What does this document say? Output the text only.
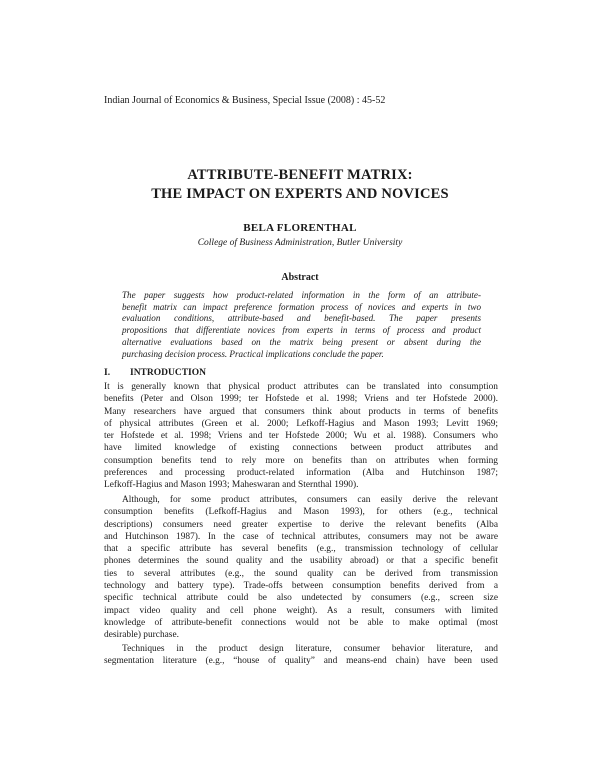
Indian Journal of Economics & Business, Special Issue (2008) : 45-52
ATTRIBUTE-BENEFIT MATRIX:
THE IMPACT ON EXPERTS AND NOVICES
BELA FLORENTHAL
College of Business Administration, Butler University
Abstract
The paper suggests how product-related information in the form of an attribute-
benefit matrix can impact preference formation process of novices and experts in two
evaluation conditions, attribute-based and benefit-based. The paper presents
propositions that differentiate novices from experts in terms of process and product
alternative evaluations based on the matrix being present or absent during the
purchasing decision process. Practical implications conclude the paper.
I. INTRODUCTION
It is generally known that physical product attributes can be translated into consumption
benefits (Peter and Olson 1999; ter Hofstede et al. 1998; Vriens and ter Hofstede 2000).
Many researchers have argued that consumers think about products in terms of benefits
of physical attributes (Green et al. 2000; Lefkoff-Hagius and Mason 1993; Levitt 1969;
ter Hofstede et al. 1998; Vriens and ter Hofstede 2000; Wu et al. 1988). Consumers who
have limited knowledge of existing connections between product attributes and
consumption benefits tend to rely more on benefits than on attributes when forming
preferences and processing product-related information (Alba and Hutchinson 1987;
Lefkoff-Hagius and Mason 1993; Maheswaran and Sternthal 1990).
Although, for some product attributes, consumers can easily derive the relevant
consumption benefits (Lefkoff-Hagius and Mason 1993), for others (e.g., technical
descriptions) consumers need greater expertise to derive the relevant benefits (Alba
and Hutchinson 1987). In the case of technical attributes, consumers may not be aware
that a specific attribute has several benefits (e.g., transmission technology of cellular
phones determines the sound quality and the usability abroad) or that a specific benefit
ties to several attributes (e.g., the sound quality can be derived from transmission
technology and battery type). Trade-offs between consumption benefits derived from a
specific technical attribute could be also undetected by consumers (e.g., screen size
impact video quality and cell phone weight). As a result, consumers with limited
knowledge of attribute-benefit connections would not be able to make optimal (most
desirable) purchase.
Techniques in the product design literature, consumer behavior literature, and
segmentation literature (e.g., “house of quality” and means-end chain) have been used
